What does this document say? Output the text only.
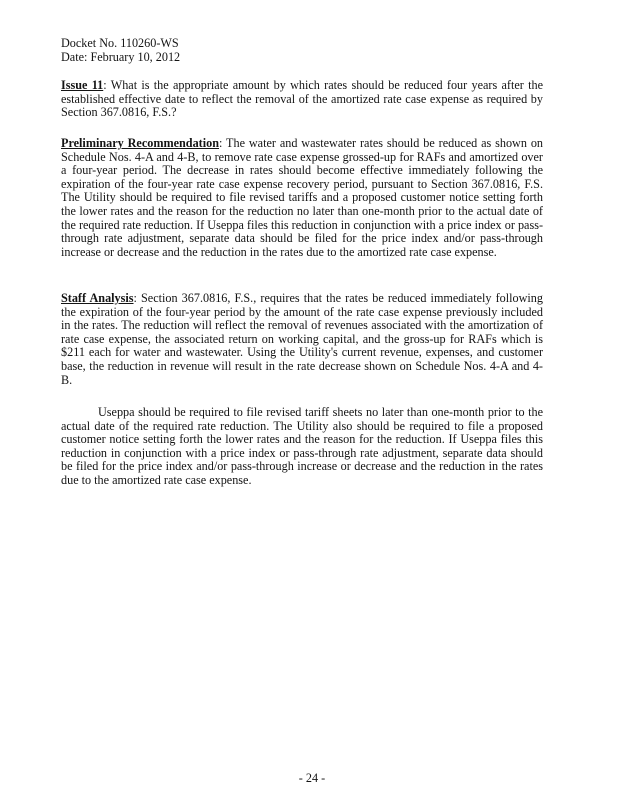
Docket No. 110260-WS
Date: February 10, 2012

Issue 11: What is the appropriate amount by which rates should be reduced four years after the established effective date to reflect the removal of the amortized rate case expense as required by Section 367.0816, F.S.?

Preliminary Recommendation: The water and wastewater rates should be reduced as shown on Schedule Nos. 4-A and 4-B, to remove rate case expense grossed-up for RAFs and amortized over a four-year period. The decrease in rates should become effective immediately following the expiration of the four-year rate case expense recovery period, pursuant to Section 367.0816, F.S. The Utility should be required to file revised tariffs and a proposed customer notice setting forth the lower rates and the reason for the reduction no later than one-month prior to the actual date of the required rate reduction. If Useppa files this reduction in conjunction with a price index or pass-through rate adjustment, separate data should be filed for the price index and/or pass-through increase or decrease and the reduction in the rates due to the amortized rate case expense.

Staff Analysis: Section 367.0816, F.S., requires that the rates be reduced immediately following the expiration of the four-year period by the amount of the rate case expense previously included in the rates. The reduction will reflect the removal of revenues associated with the amortization of rate case expense, the associated return on working capital, and the gross-up for RAFs which is $211 each for water and wastewater. Using the Utility's current revenue, expenses, and customer base, the reduction in revenue will result in the rate decrease shown on Schedule Nos. 4-A and 4-B.

Useppa should be required to file revised tariff sheets no later than one-month prior to the actual date of the required rate reduction. The Utility also should be required to file a proposed customer notice setting forth the lower rates and the reason for the reduction. If Useppa files this reduction in conjunction with a price index or pass-through rate adjustment, separate data should be filed for the price index and/or pass-through increase or decrease and the reduction in the rates due to the amortized rate case expense.

- 24 -
